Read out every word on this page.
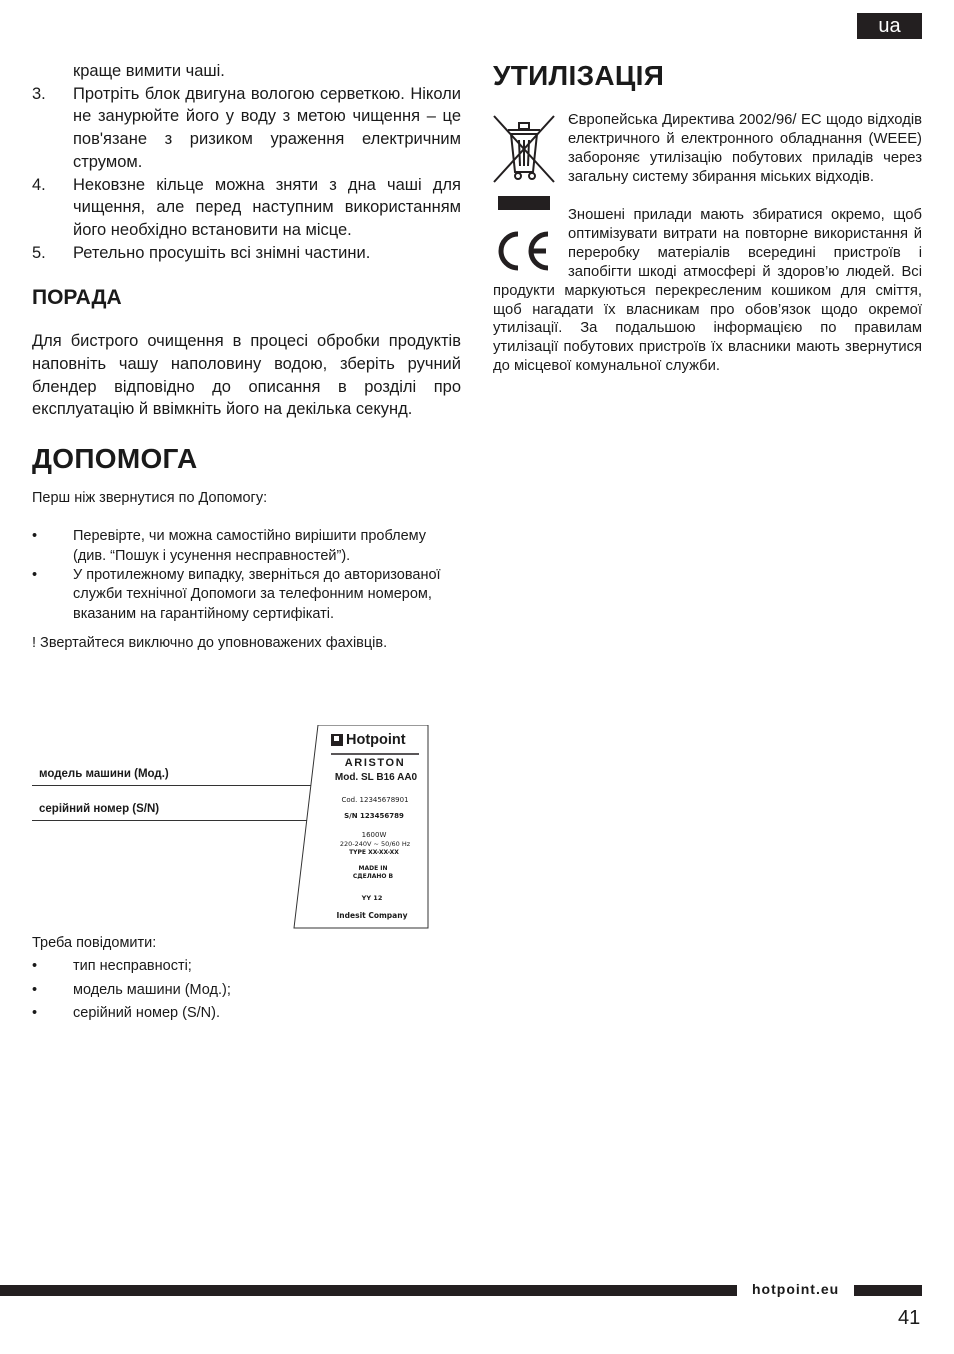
ua

краще вимити чаші.

3.	Протріть блок двигуна вологою серветкою. Ніколи не занурюйте його у воду з метою чищення – це пов'язане з ризиком ураження електричним струмом.

4.	Нековзне кільце можна зняти з дна чаші для чищення, але перед наступним використанням його необхідно встановити на місце.

5.	Ретельно просушіть всі знімні частини.

ПОРАДА

Для бистрого очищення в процесі обробки продуктів наповніть чашу наполовину водою, зберіть ручний блендер відповідно до описання в розділі про експлуатацію й ввімкніть його на декілька секунд.

ДОПОМОГА

Перш ніж звернутися по Допомогу:

•	Перевірте, чи можна самостійно вирішити проблему (див. “Пошук і усунення несправностей”).

•	У протилежному випадку, зверніться до авторизованої служби технічної Допомоги за телефонним номером, вказаним на гарантійному сертифікаті.

! Звертайтеся виключно до уповноважених фахівців.

модель машини (Мод.)
серійний номер (S/N)
Hotpoint
ARISTON
Mod. SL B16 AA0
Cod. 12345678901
S/N 123456789
1600W
220-240V ~ 50/60 Hz
TYPE XX-XX-XX
MADE IN
СДЕЛАНО В
YY 12
Indesit Company

Треба повідомити:

•	тип несправності;

•	модель машини (Мод.);

•	серійний номер (S/N).

УТИЛІЗАЦІЯ

Європейська Директива 2002/96/ EC щодо відходів електричного й електронного обладнання (WEEE) забороняє утилізацію побутових приладів через загальну систему збирання міських відходів.

Зношені прилади мають збиратися окремо, щоб оптимізувати витрати на повторне використання й переробку матеріалів всередині пристроїв і запобігти шкоді атмосфері й здоров’ю людей. Всі продукти маркуються перекресленим кошиком для сміття, щоб нагадати їх власникам про обов’язок щодо окремої утилізації. За подальшою інформацією по правилам утилізації побутових пристроїв їх власники мають звернутися до місцевої комунальної служби.

hotpoint.eu
41
